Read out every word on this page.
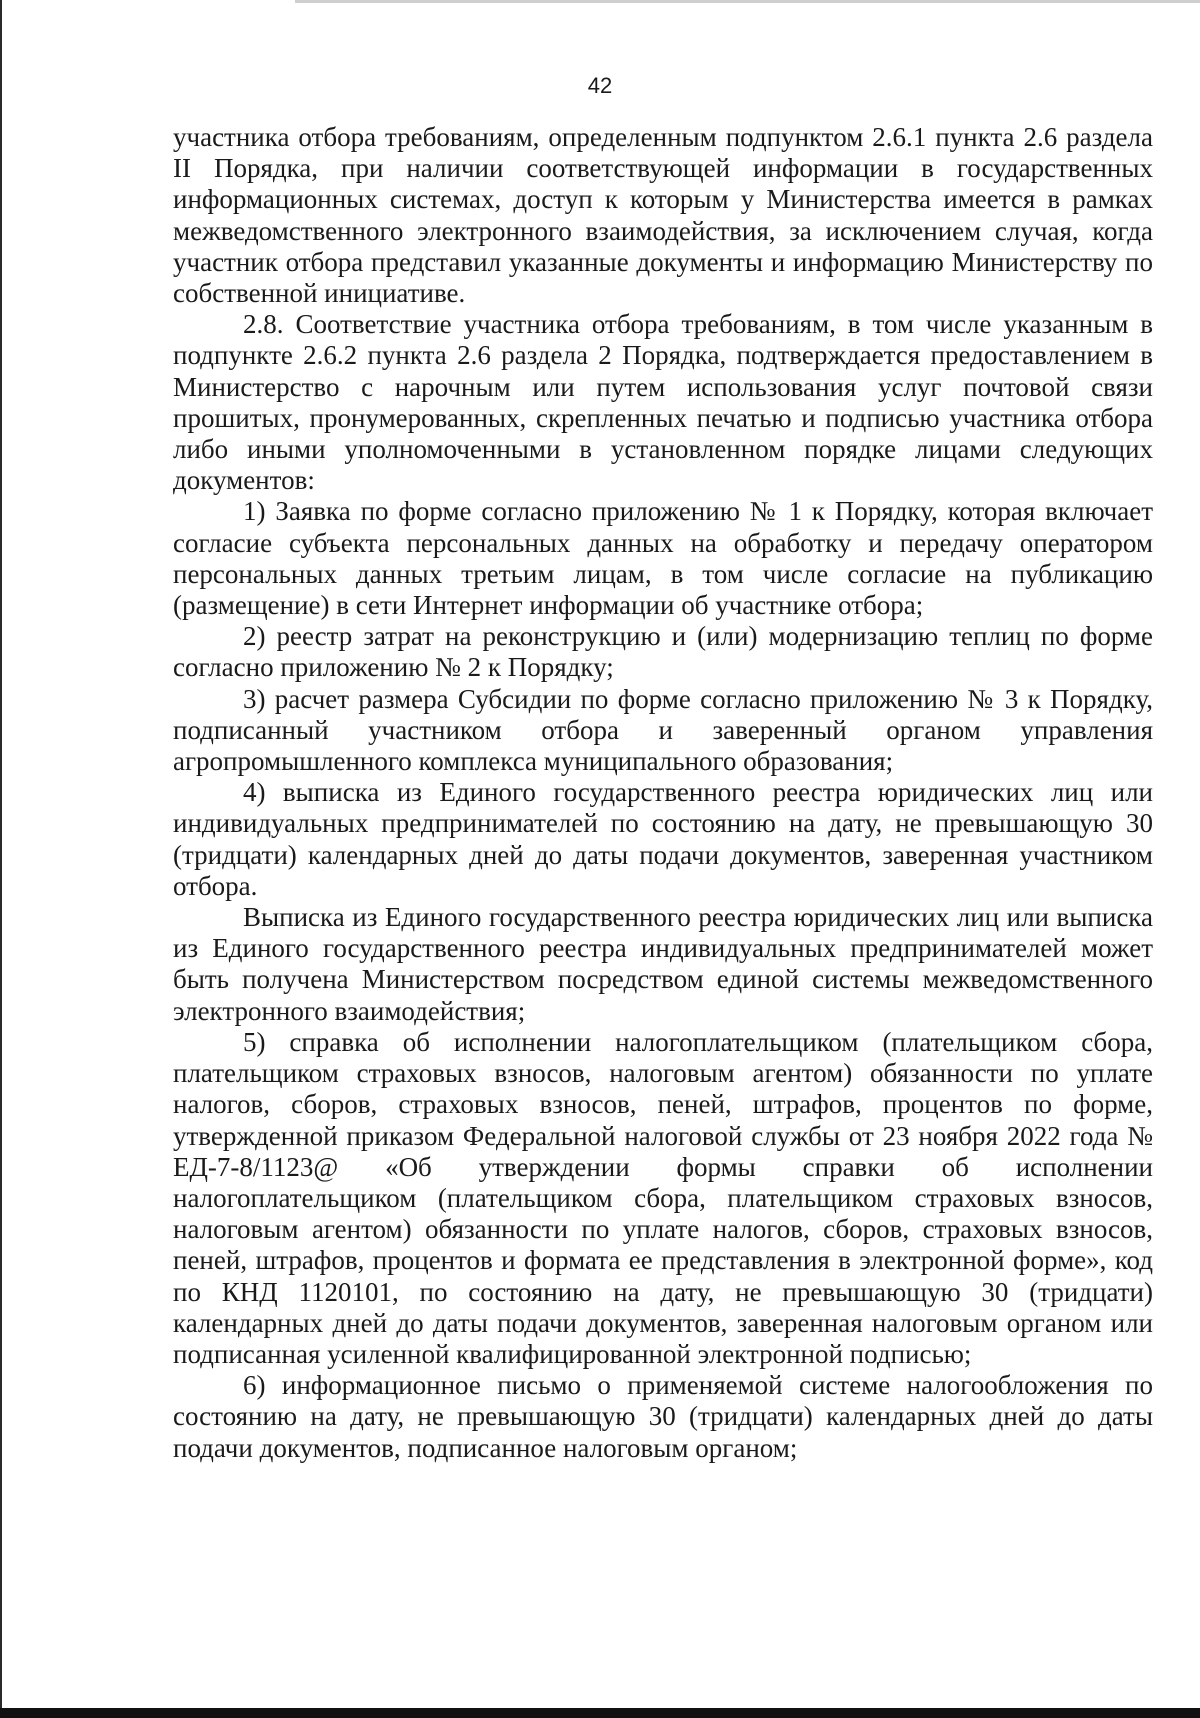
42

участника отбора требованиям, определенным подпунктом 2.6.1 пункта 2.6 раздела II Порядка, при наличии соответствующей информации в государственных информационных системах, доступ к которым у Министерства имеется в рамках межведомственного электронного взаимодействия, за исключением случая, когда участник отбора представил указанные документы и информацию Министерству по собственной инициативе.

2.8. Соответствие участника отбора требованиям, в том числе указанным в подпункте 2.6.2 пункта 2.6 раздела 2 Порядка, подтверждается предоставлением в Министерство с нарочным или путем использования услуг почтовой связи прошитых, пронумерованных, скрепленных печатью и подписью участника отбора либо иными уполномоченными в установленном порядке лицами следующих документов:

1) Заявка по форме согласно приложению № 1 к Порядку, которая включает согласие субъекта персональных данных на обработку и передачу оператором персональных данных третьим лицам, в том числе согласие на публикацию (размещение) в сети Интернет информации об участнике отбора;

2) реестр затрат на реконструкцию и (или) модернизацию теплиц по форме согласно приложению № 2 к Порядку;

3) расчет размера Субсидии по форме согласно приложению № 3 к Порядку, подписанный участником отбора и заверенный органом управления агропромышленного комплекса муниципального образования;

4) выписка из Единого государственного реестра юридических лиц или индивидуальных предпринимателей по состоянию на дату, не превышающую 30 (тридцати) календарных дней до даты подачи документов, заверенная участником отбора.

Выписка из Единого государственного реестра юридических лиц или выписка из Единого государственного реестра индивидуальных предпринимателей может быть получена Министерством посредством единой системы межведомственного электронного взаимодействия;

5) справка об исполнении налогоплательщиком (плательщиком сбора, плательщиком страховых взносов, налоговым агентом) обязанности по уплате налогов, сборов, страховых взносов, пеней, штрафов, процентов по форме, утвержденной приказом Федеральной налоговой службы от 23 ноября 2022 года № ЕД-7-8/1123@ «Об утверждении формы справки об исполнении налогоплательщиком (плательщиком сбора, плательщиком страховых взносов, налоговым агентом) обязанности по уплате налогов, сборов, страховых взносов, пеней, штрафов, процентов и формата ее представления в электронной форме», код по КНД 1120101, по состоянию на дату, не превышающую 30 (тридцати) календарных дней до даты подачи документов, заверенная налоговым органом или подписанная усиленной квалифицированной электронной подписью;

6) информационное письмо о применяемой системе налогообложения по состоянию на дату, не превышающую 30 (тридцати) календарных дней до даты подачи документов, подписанное налоговым органом;
